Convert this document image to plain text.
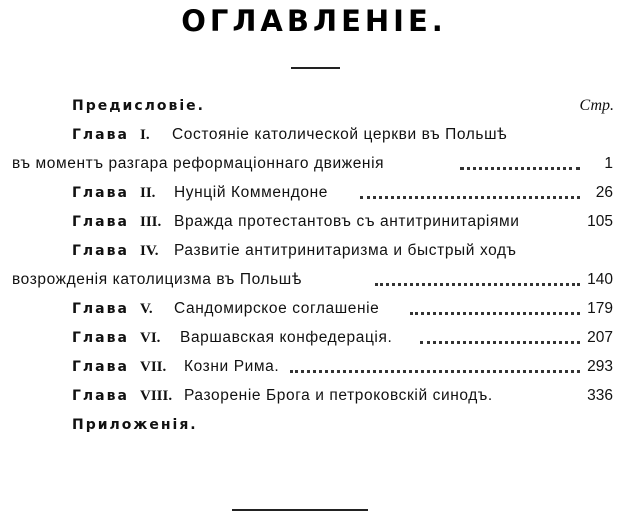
ОГЛАВЛЕНІЕ.
Предисловіе.	Стр.
Глава I. Состояніе католической церкви въ Польшѣ
въ моментъ разгара реформаціоннаго движенія	1
Глава II. Нунцій Коммендоне	26
Глава III. Вражда протестантовъ съ антитринитаріями	105
Глава IV. Развитіе антитринитаризма и быстрый ходъ
возрожденія католицизма въ Польшѣ	140
Глава V. Сандомирское соглашеніе	179
Глава VI. Варшавская конфедерація.	207
Глава VII. Козни Рима.	293
Глава VIII. Разореніе Брога и петроковскій синодъ.	336
Приложенія.
